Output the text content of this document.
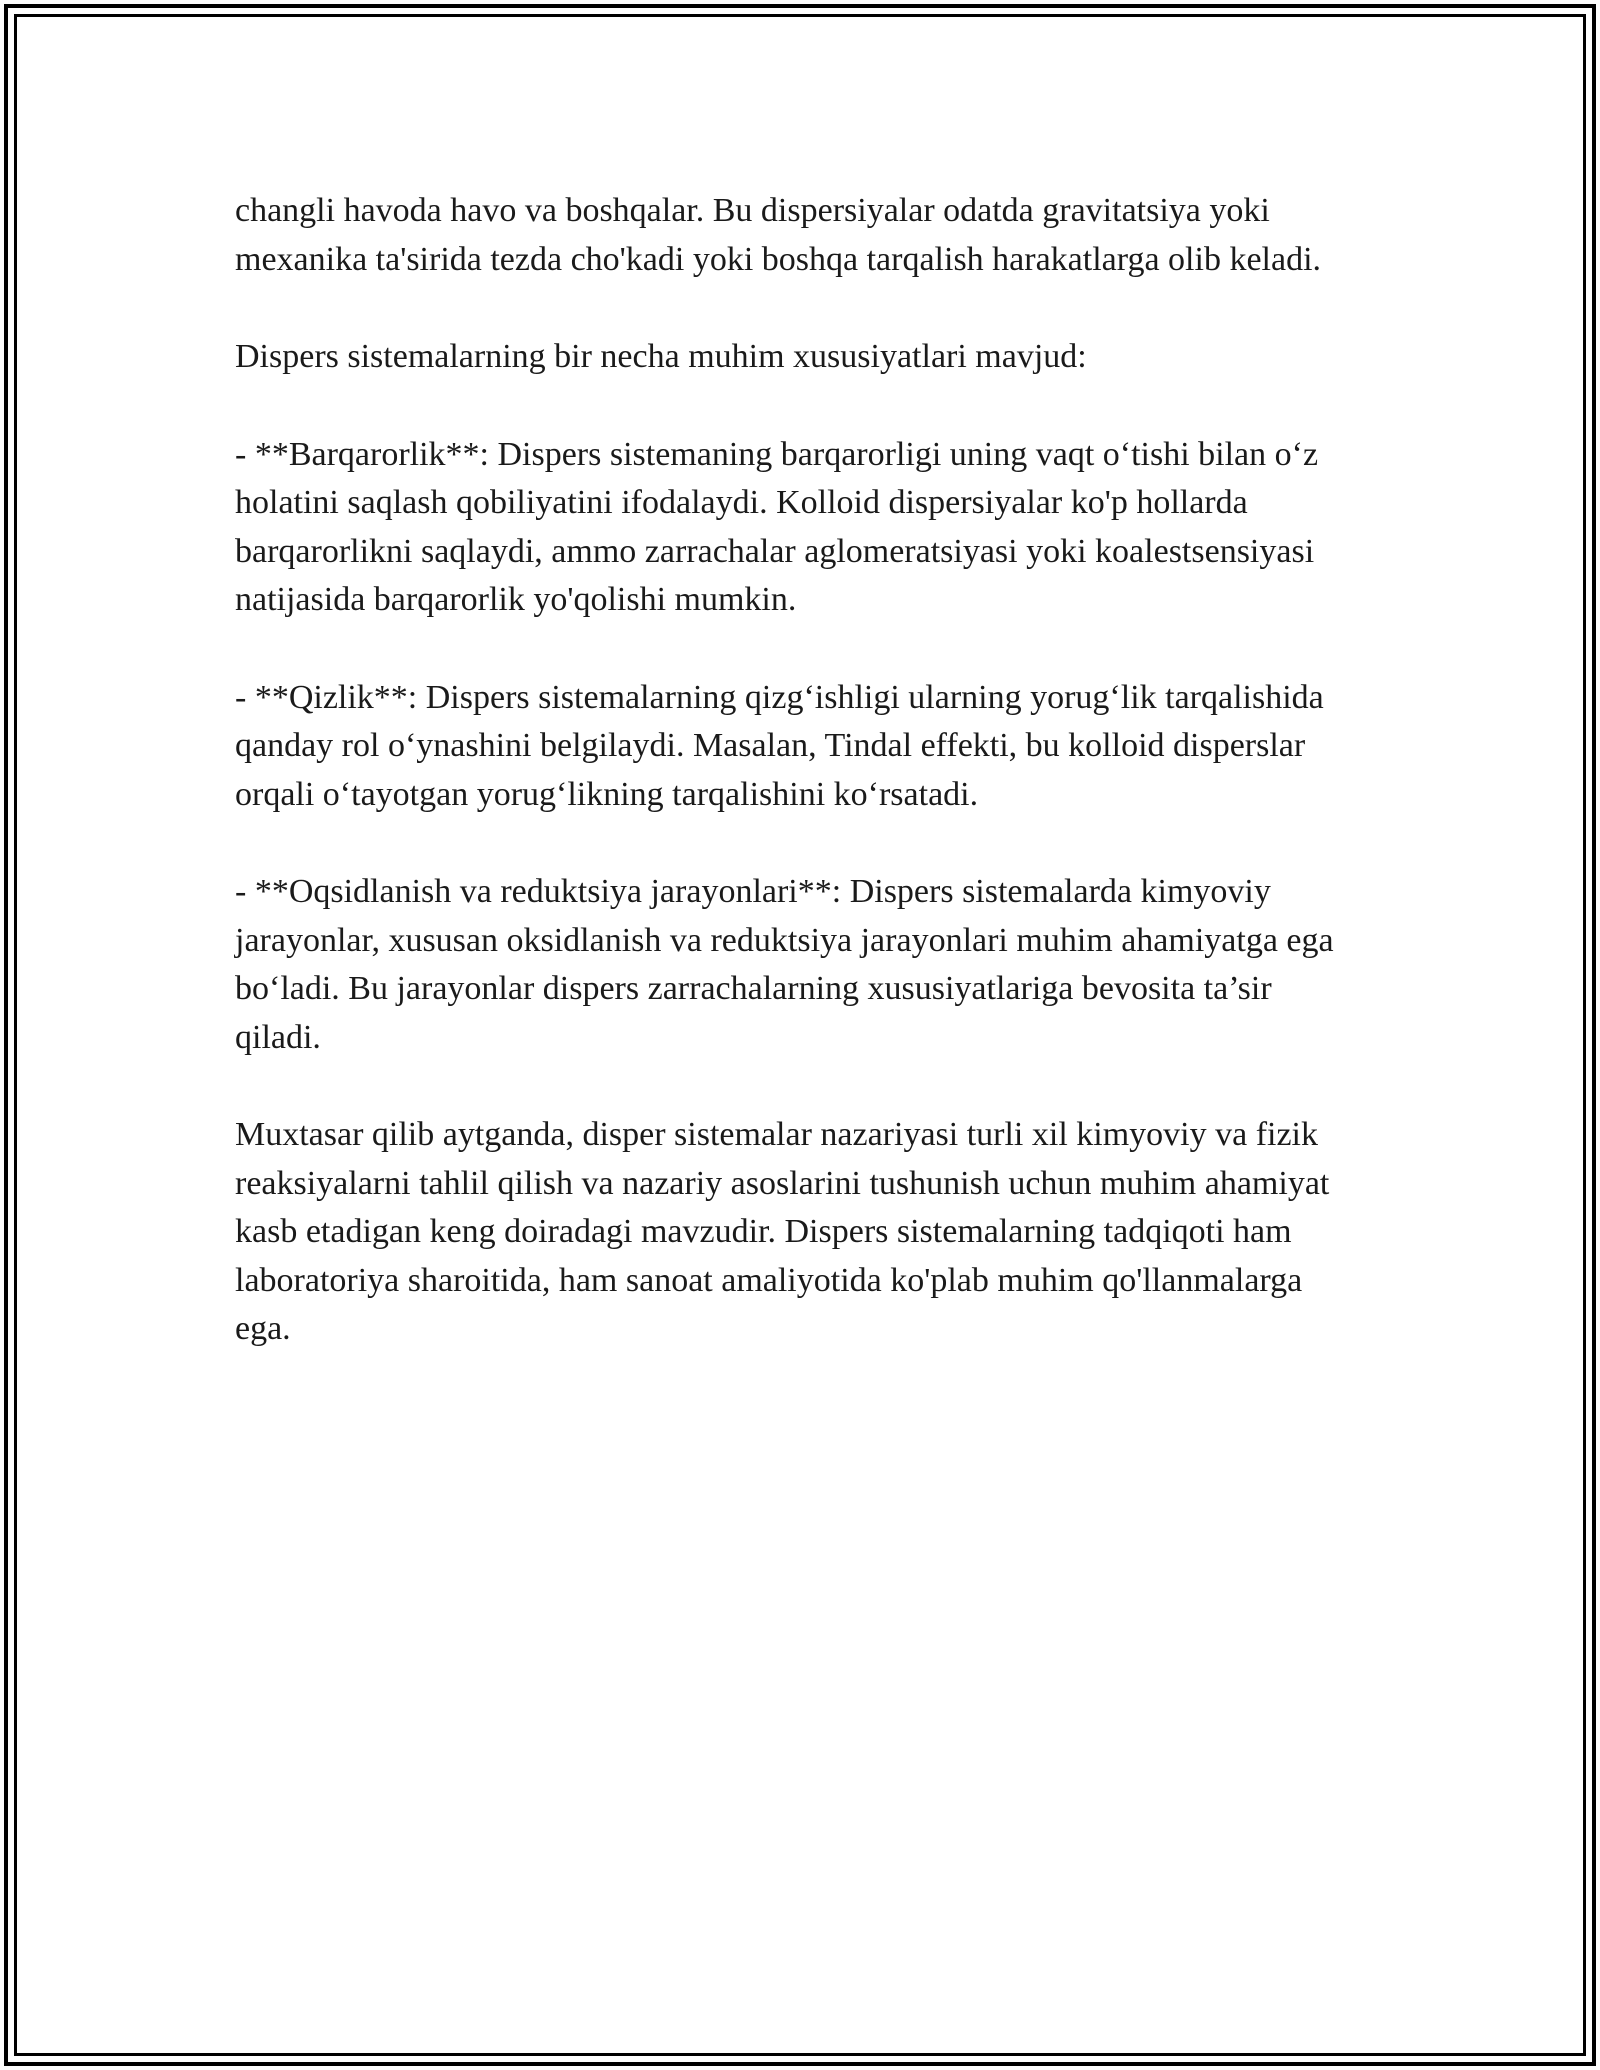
changli havoda havo va boshqalar. Bu dispersiyalar odatda gravitatsiya yoki mexanika ta'sirida tezda cho'kadi yoki boshqa tarqalish harakatlarga olib keladi.

Dispers sistemalarning bir necha muhim xususiyatlari mavjud:

- **Barqarorlik**: Dispers sistemaning barqarorligi uning vaqt o‘tishi bilan o‘z holatini saqlash qobiliyatini ifodalaydi. Kolloid dispersiyalar ko'p hollarda barqarorlikni saqlaydi, ammo zarrachalar aglomeratsiyasi yoki koalestsensiyasi natijasida barqarorlik yo'qolishi mumkin.

- **Qizlik**: Dispers sistemalarning qizg‘ishligi ularning yorug‘lik tarqalishida qanday rol o‘ynashini belgilaydi. Masalan, Tindal effekti, bu kolloid disperslar orqali o‘tayotgan yorug‘likning tarqalishini ko‘rsatadi.

- **Oqsidlanish va reduktsiya jarayonlari**: Dispers sistemalarda kimyoviy jarayonlar, xususan oksidlanish va reduktsiya jarayonlari muhim ahamiyatga ega bo‘ladi. Bu jarayonlar dispers zarrachalarning xususiyatlariga bevosita ta’sir qiladi.

Muxtasar qilib aytganda, disper sistemalar nazariyasi turli xil kimyoviy va fizik reaksiyalarni tahlil qilish va nazariy asoslarini tushunish uchun muhim ahamiyat kasb etadigan keng doiradagi mavzudir. Dispers sistemalarning tadqiqoti ham laboratoriya sharoitida, ham sanoat amaliyotida ko'plab muhim qo'llanmalarga ega.
